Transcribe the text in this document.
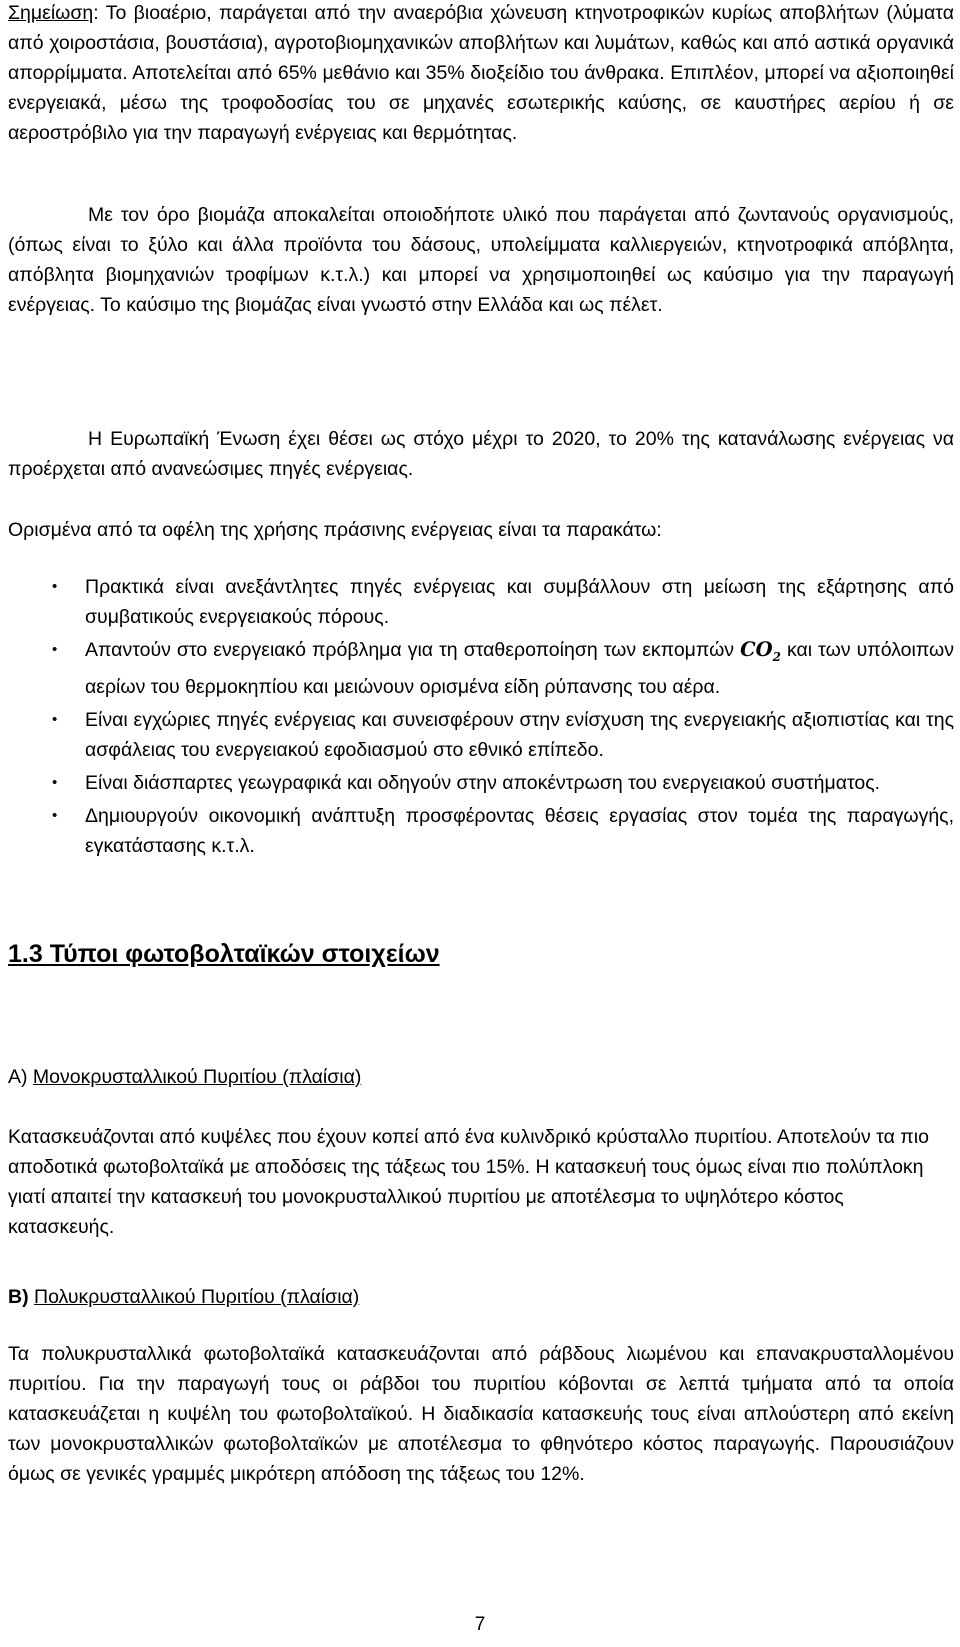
Σημείωση: Το βιοαέριο, παράγεται από την αναερόβια χώνευση κτηνοτροφικών κυρίως αποβλήτων (λύματα από χοιροστάσια, βουστάσια), αγροτοβιομηχανικών αποβλήτων και λυμάτων, καθώς και από αστικά οργανικά απορρίμματα. Αποτελείται από 65% μεθάνιο και 35% διοξείδιο του άνθρακα. Επιπλέον, μπορεί να αξιοποιηθεί ενεργειακά, μέσω της τροφοδοσίας του σε μηχανές εσωτερικής καύσης, σε καυστήρες αερίου ή σε αεροστρόβιλο για την παραγωγή ενέργειας και θερμότητας.

Με τον όρο βιομάζα αποκαλείται οποιοδήποτε υλικό που παράγεται από ζωντανούς οργανισμούς, (όπως είναι το ξύλο και άλλα προϊόντα του δάσους, υπολείμματα καλλιεργειών, κτηνοτροφικά απόβλητα, απόβλητα βιομηχανιών τροφίμων κ.τ.λ.) και μπορεί να χρησιμοποιηθεί ως καύσιμο για την παραγωγή ενέργειας. Το καύσιμο της βιομάζας είναι γνωστό στην Ελλάδα και ως πέλετ.

Η Ευρωπαϊκή Ένωση έχει θέσει ως στόχο μέχρι το 2020, το 20% της κατανάλωσης ενέργειας να προέρχεται από ανανεώσιμες πηγές ενέργειας.

Ορισμένα από τα οφέλη της χρήσης πράσινης ενέργειας είναι τα παρακάτω:

• Πρακτικά είναι ανεξάντλητες πηγές ενέργειας και συμβάλλουν στη μείωση της εξάρτησης από συμβατικούς ενεργειακούς πόρους.
• Απαντούν στο ενεργειακό πρόβλημα για τη σταθεροποίηση των εκπομπών $CO_2$ και των υπόλοιπων αερίων του θερμοκηπίου και μειώνουν ορισμένα είδη ρύπανσης του αέρα.
• Είναι εγχώριες πηγές ενέργειας και συνεισφέρουν στην ενίσχυση της ενεργειακής αξιοπιστίας και της ασφάλειας του ενεργειακού εφοδιασμού στο εθνικό επίπεδο.
• Είναι διάσπαρτες γεωγραφικά και οδηγούν στην αποκέντρωση του ενεργειακού συστήματος.
• Δημιουργούν οικονομική ανάπτυξη προσφέροντας θέσεις εργασίας στον τομέα της παραγωγής, εγκατάστασης κ.τ.λ.
1.3 Τύποι φωτοβολταϊκών στοιχείων

Α) Μονοκρυσταλλικού Πυριτίου (πλαίσια)

Κατασκευάζονται από κυψέλες που έχουν κοπεί από ένα κυλινδρικό κρύσταλλο πυριτίου. Αποτελούν τα πιο αποδοτικά φωτοβολταϊκά με αποδόσεις της τάξεως του 15%. Η κατασκευή τους όμως είναι πιο πολύπλοκη γιατί απαιτεί την κατασκευή του μονοκρυσταλλικού πυριτίου με αποτέλεσμα το υψηλότερο κόστος κατασκευής.

Β) Πολυκρυσταλλικού Πυριτίου (πλαίσια)

Τα πολυκρυσταλλικά φωτοβολταϊκά κατασκευάζονται από ράβδους λιωμένου και επανακρυσταλλομένου πυριτίου. Για την παραγωγή τους οι ράβδοι του πυριτίου κόβονται σε λεπτά τμήματα από τα οποία κατασκευάζεται η κυψέλη του φωτοβολταϊκού. Η διαδικασία κατασκευής τους είναι απλούστερη από εκείνη των μονοκρυσταλλικών φωτοβολταϊκών με αποτέλεσμα το φθηνότερο κόστος παραγωγής. Παρουσιάζουν όμως σε γενικές γραμμές μικρότερη απόδοση της τάξεως του 12%.

7
